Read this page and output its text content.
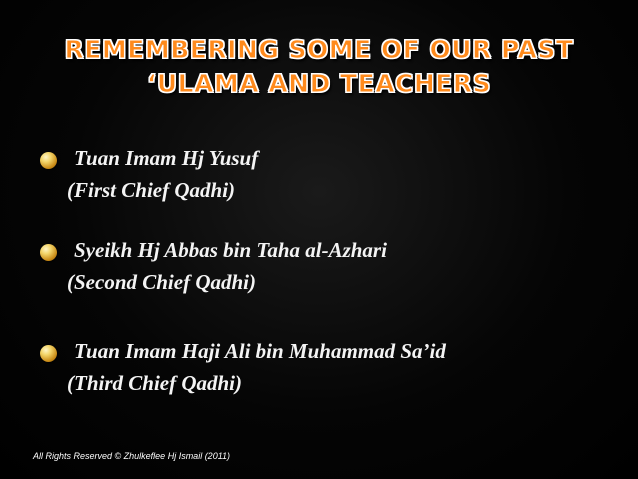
REMEMBERING SOME OF OUR PAST
‘ULAMA AND TEACHERS
Tuan Imam Hj Yusuf
(First Chief Qadhi)
Syeikh Hj Abbas bin Taha al-Azhari
(Second Chief Qadhi)
Tuan Imam Haji Ali bin Muhammad Sa’id
(Third Chief Qadhi)
All Rights Reserved © Zhulkeflee Hj Ismail (2011)
